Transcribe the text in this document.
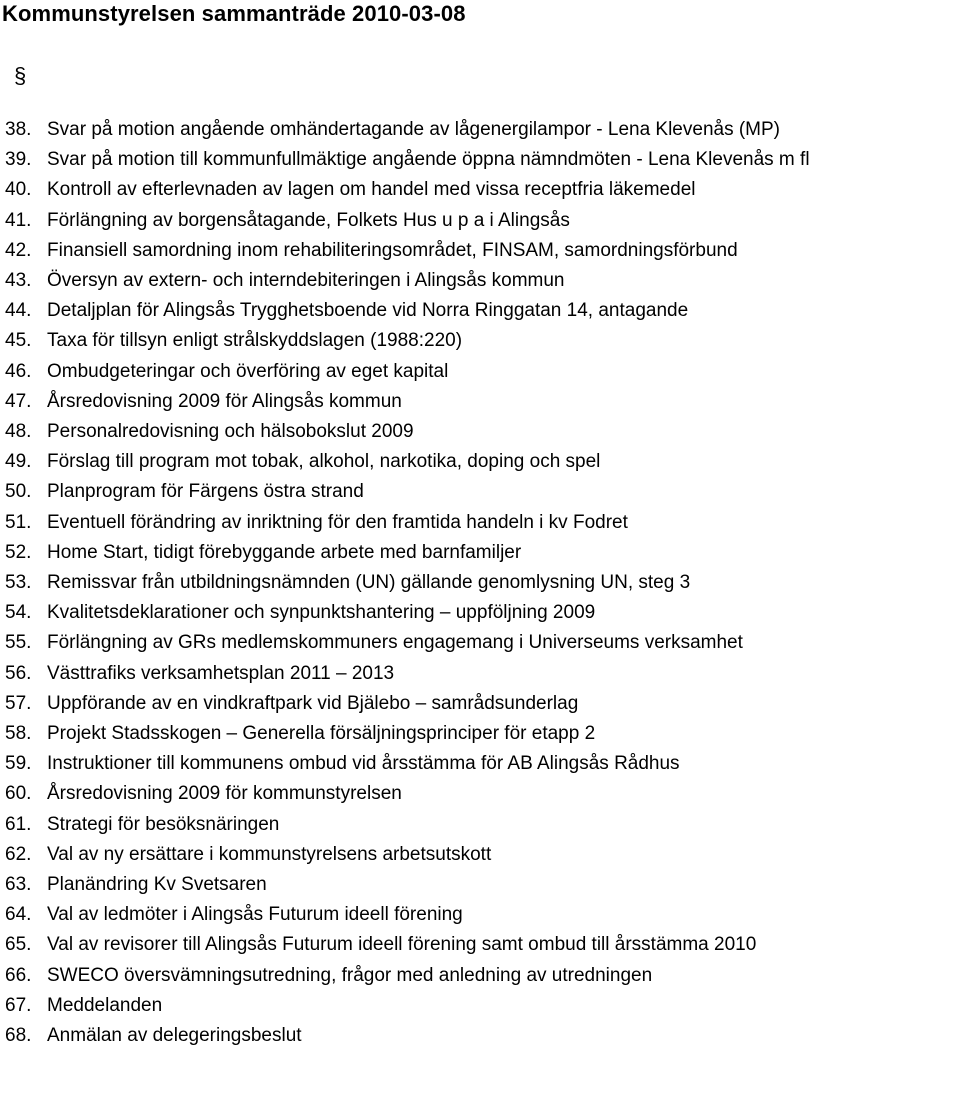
Kommunstyrelsen sammanträde 2010-03-08
§
38. Svar på motion angående omhändertagande av lågenergilampor - Lena Klevenås (MP)
39. Svar på motion till kommunfullmäktige angående öppna nämndmöten - Lena Klevenås m fl
40. Kontroll av efterlevnaden av lagen om handel med vissa receptfria läkemedel
41. Förlängning av borgensåtagande, Folkets Hus u p a i Alingsås
42. Finansiell samordning inom rehabiliteringsområdet, FINSAM, samordningsförbund
43. Översyn av extern- och interndebiteringen i Alingsås kommun
44. Detaljplan för Alingsås Trygghetsboende vid Norra Ringgatan 14, antagande
45. Taxa för tillsyn enligt strålskyddslagen (1988:220)
46. Ombudgeteringar och överföring av eget kapital
47. Årsredovisning 2009 för Alingsås kommun
48. Personalredovisning och hälsobokslut 2009
49. Förslag till program mot tobak, alkohol, narkotika, doping och spel
50. Planprogram för Färgens östra strand
51. Eventuell förändring av inriktning för den framtida handeln i kv Fodret
52. Home Start, tidigt förebyggande arbete med barnfamiljer
53. Remissvar från utbildningsnämnden (UN) gällande genomlysning UN, steg 3
54. Kvalitetsdeklarationer och synpunktshantering – uppföljning 2009
55. Förlängning av GRs medlemskommuners engagemang i Universeums verksamhet
56. Västtrafiks verksamhetsplan 2011 – 2013
57. Uppförande av en vindkraftpark vid Bjälebo – samrådsunderlag
58. Projekt Stadsskogen – Generella försäljningsprinciper för etapp 2
59. Instruktioner till kommunens ombud vid årsstämma för AB Alingsås Rådhus
60. Årsredovisning 2009 för kommunstyrelsen
61. Strategi för besöksnäringen
62. Val av ny ersättare i kommunstyrelsens arbetsutskott
63. Planändring Kv Svetsaren
64. Val av ledmöter i Alingsås Futurum ideell förening
65. Val av revisorer till Alingsås Futurum ideell förening samt ombud till årsstämma 2010
66. SWECO översvämningsutredning, frågor med anledning av utredningen
67. Meddelanden
68. Anmälan av delegeringsbeslut
